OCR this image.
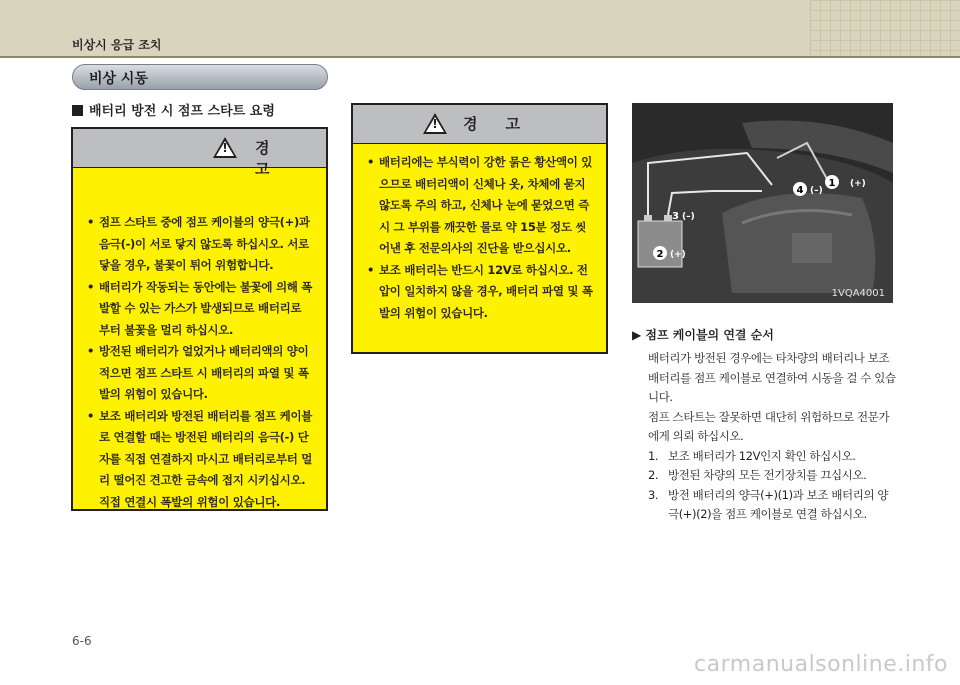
비상시 응급 조치
비상 시동
배터리 방전 시 점프 스타트 요령
! 경고
• 점프 스타트 중에 점프 케이블의 양극(+)과 음극(-)이 서로 닿지 않도록 하십시오. 서로 닿을 경우, 불꽃이 튀어 위험합니다.
• 배터리가 작동되는 동안에는 불꽃에 의해 폭발할 수 있는 가스가 발생되므로 배터리로 부터 불꽃을 멀리 하십시오.
• 방전된 배터리가 얼었거나 배터리액의 양이 적으면 점프 스타트 시 배터리의 파열 및 폭발의 위험이 있습니다.
• 보조 배터리와 방전된 배터리를 점프 케이블로 연결할 때는 방전된 배터리의 음극(-) 단자를 직접 연결하지 마시고 배터리로부터 멀리 떨어진 견고한 금속에 접지 시키십시오. 직접 연결시 폭발의 위험이 있습니다.
! 경고
• 배터리에는 부식력이 강한 묽은 황산액이 있으므로 배터리액이 신체나 옷, 차체에 묻지 않도록 주의 하고, 신체나 눈에 묻었으면 즉시 그 부위를 깨끗한 물로 약 15분 정도 씻어낸 후 전문의사의 진단을 받으십시오.
• 보조 배터리는 반드시 12V로 하십시오. 전압이 일치하지 않을 경우, 배터리 파열 및 폭발의 위험이 있습니다.
1 (+)
4 (–)
2 (+)
3 (–)
1VQA4001
▶ 점프 케이블의 연결 순서

배터리가 방전된 경우에는 타차량의 배터리나 보조 배터리를 점프 케이블로 연결하여 시동을 걸 수 있습니다.

점프 스타트는 잘못하면 대단히 위험하므로 전문가에게 의뢰 하십시오.

1. 보조 배터리가 12V인지 확인 하십시오.
2. 방전된 차량의 모든 전기장치를 끄십시오.
3. 방전 배터리의 양극(+)(1)과 보조 배터리의 양극(+)(2)을 점프 케이블로 연결 하십시오.
6-6
carmanualsonline.info
